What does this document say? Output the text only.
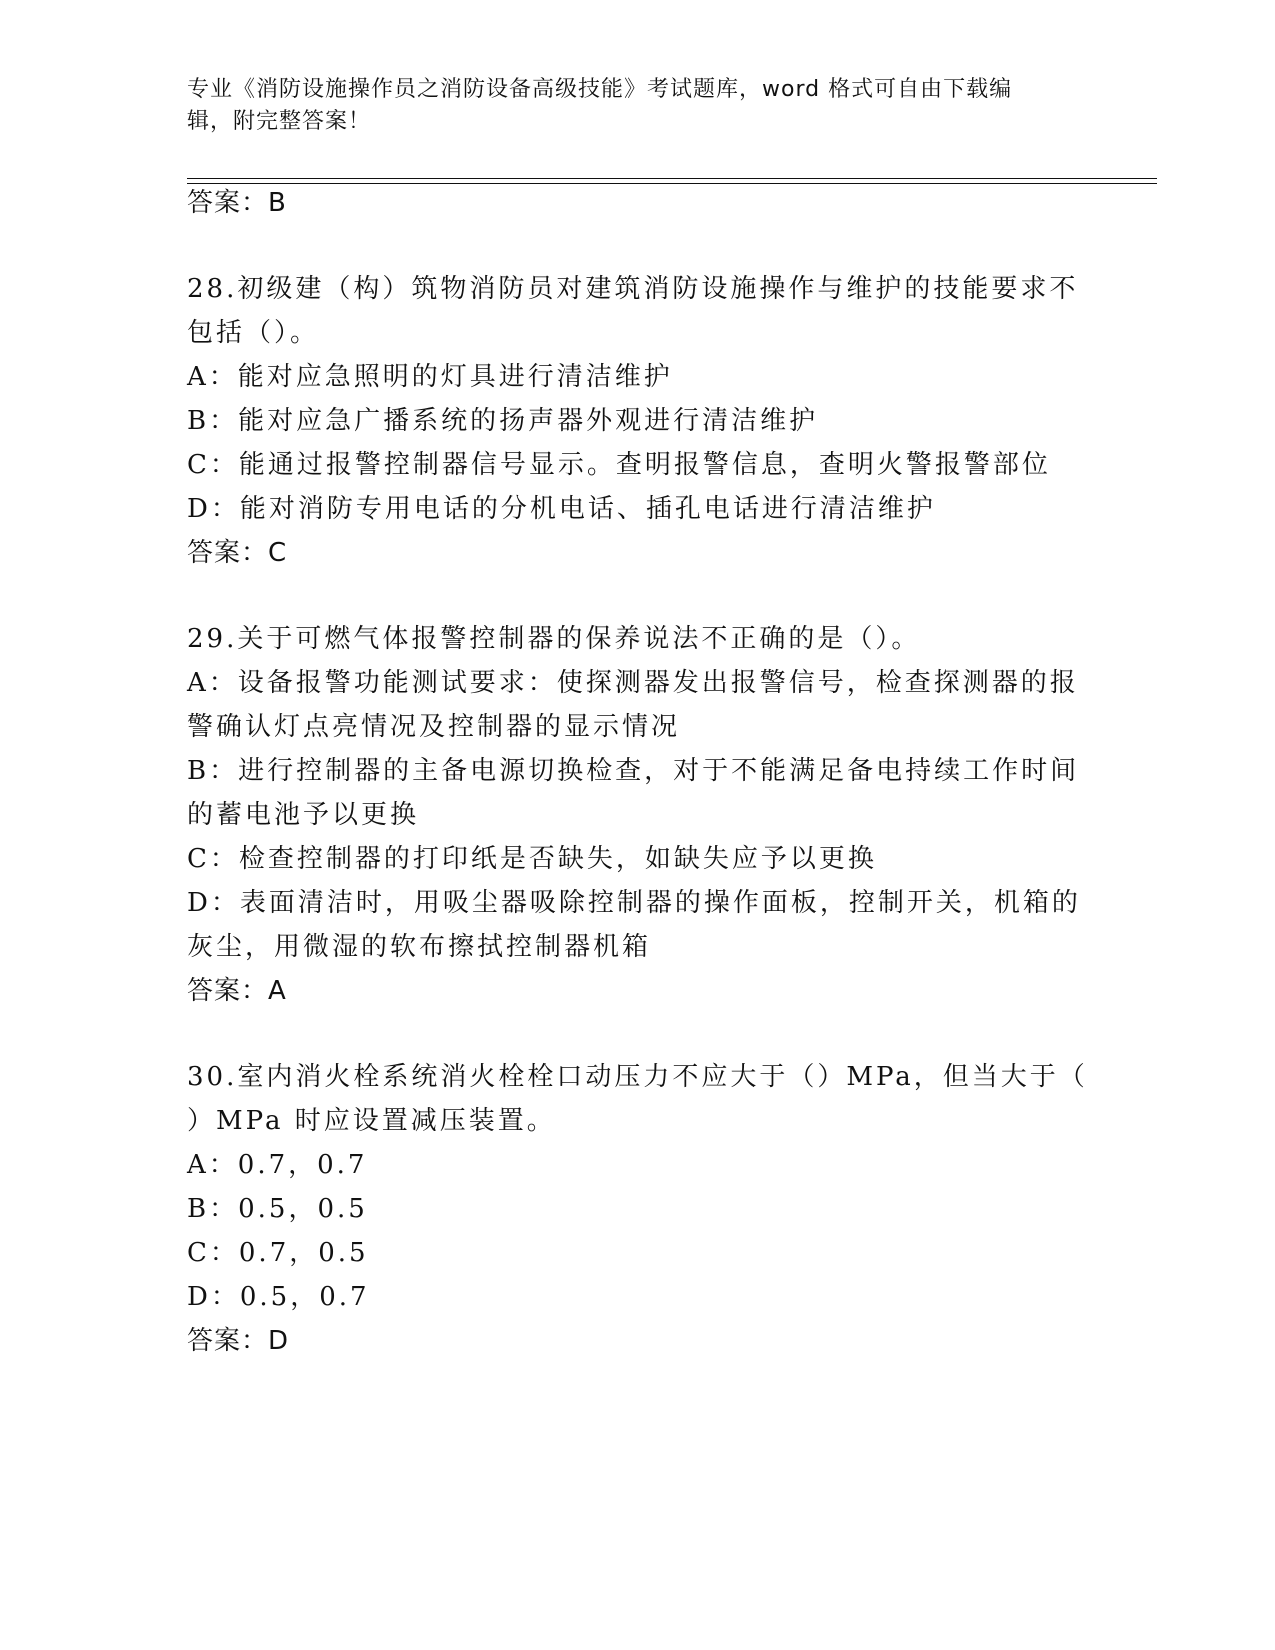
专业《消防设施操作员之消防设备高级技能》考试题库，word 格式可自由下载编
辑，附完整答案！
答案：B
28.初级建（构）筑物消防员对建筑消防设施操作与维护的技能要求不
包括（）。
A：能对应急照明的灯具进行清洁维护
B：能对应急广播系统的扬声器外观进行清洁维护
C：能通过报警控制器信号显示。查明报警信息，查明火警报警部位
D：能对消防专用电话的分机电话、插孔电话进行清洁维护
答案：C
29.关于可燃气体报警控制器的保养说法不正确的是（）。
A：设备报警功能测试要求：使探测器发出报警信号，检查探测器的报
警确认灯点亮情况及控制器的显示情况
B：进行控制器的主备电源切换检查，对于不能满足备电持续工作时间
的蓄电池予以更换
C：检查控制器的打印纸是否缺失，如缺失应予以更换
D：表面清洁时，用吸尘器吸除控制器的操作面板，控制开关，机箱的
灰尘，用微湿的软布擦拭控制器机箱
答案：A
30.室内消火栓系统消火栓栓口动压力不应大于（）MPa，但当大于（
）MPa 时应设置减压装置。
A：0.7，0.7
B：0.5，0.5
C：0.7，0.5
D：0.5，0.7
答案：D
